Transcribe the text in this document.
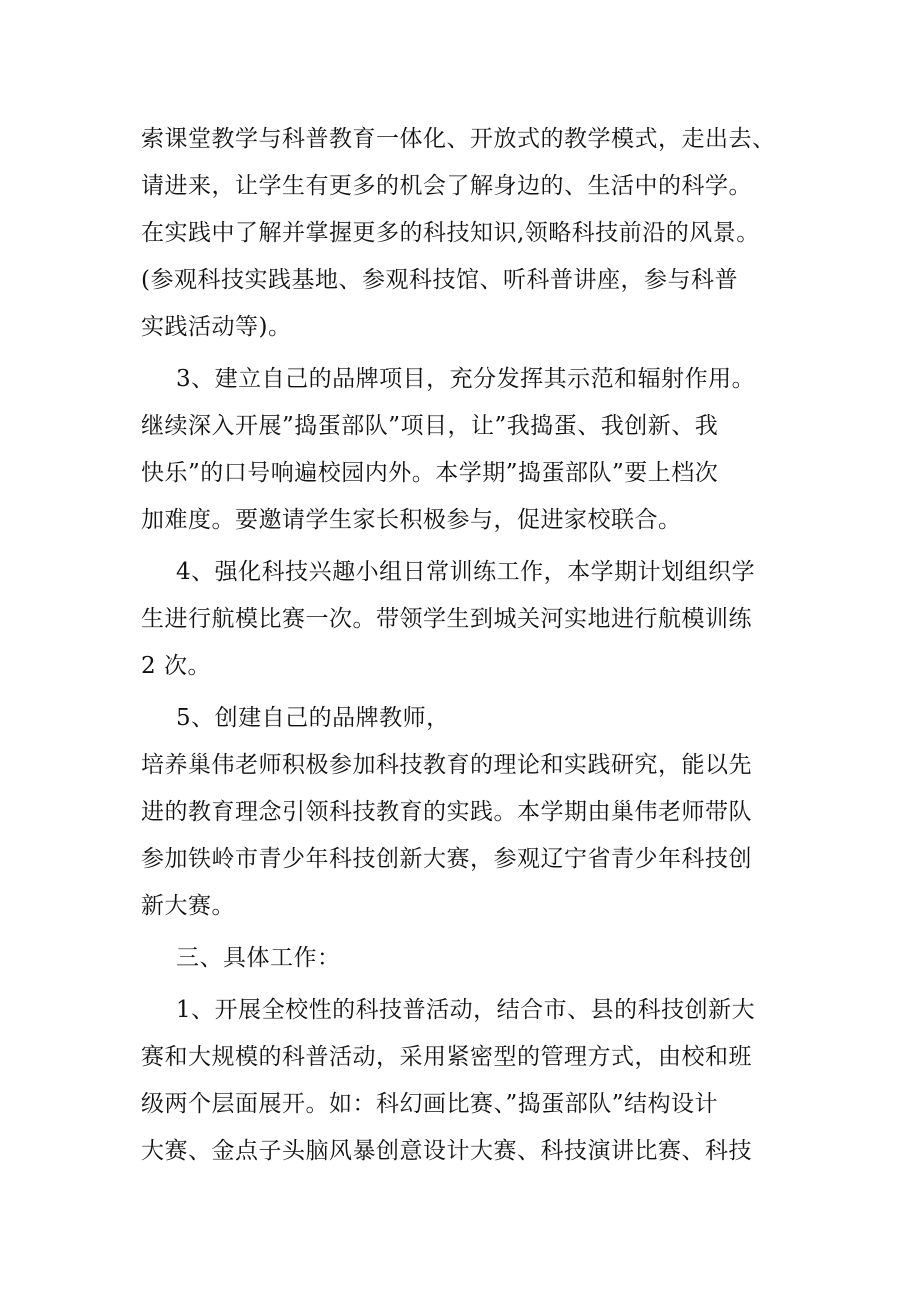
索课堂教学与科普教育一体化、开放式的教学模式，走出去、
请进来，让学生有更多的机会了解身边的、生活中的科学。
在实践中了解并掌握更多的科技知识,领略科技前沿的风景。
(参观科技实践基地、参观科技馆、听科普讲座，参与科普
实践活动等)。
3、建立自己的品牌项目，充分发挥其示范和辐射作用。
继续深入开展”捣蛋部队”项目，让”我捣蛋、我创新、我
快乐”的口号响遍校园内外。本学期”捣蛋部队”要上档次
加难度。要邀请学生家长积极参与，促进家校联合。
4、强化科技兴趣小组日常训练工作，本学期计划组织学
生进行航模比赛一次。带领学生到城关河实地进行航模训练
2 次。
5、创建自己的品牌教师，
培养巢伟老师积极参加科技教育的理论和实践研究，能以先
进的教育理念引领科技教育的实践。本学期由巢伟老师带队
参加铁岭市青少年科技创新大赛，参观辽宁省青少年科技创
新大赛。
三、具体工作：
1、开展全校性的科技普活动，结合市、县的科技创新大
赛和大规模的科普活动，采用紧密型的管理方式，由校和班
级两个层面展开。如：科幻画比赛、”捣蛋部队”结构设计
大赛、金点子头脑风暴创意设计大赛、科技演讲比赛、科技
